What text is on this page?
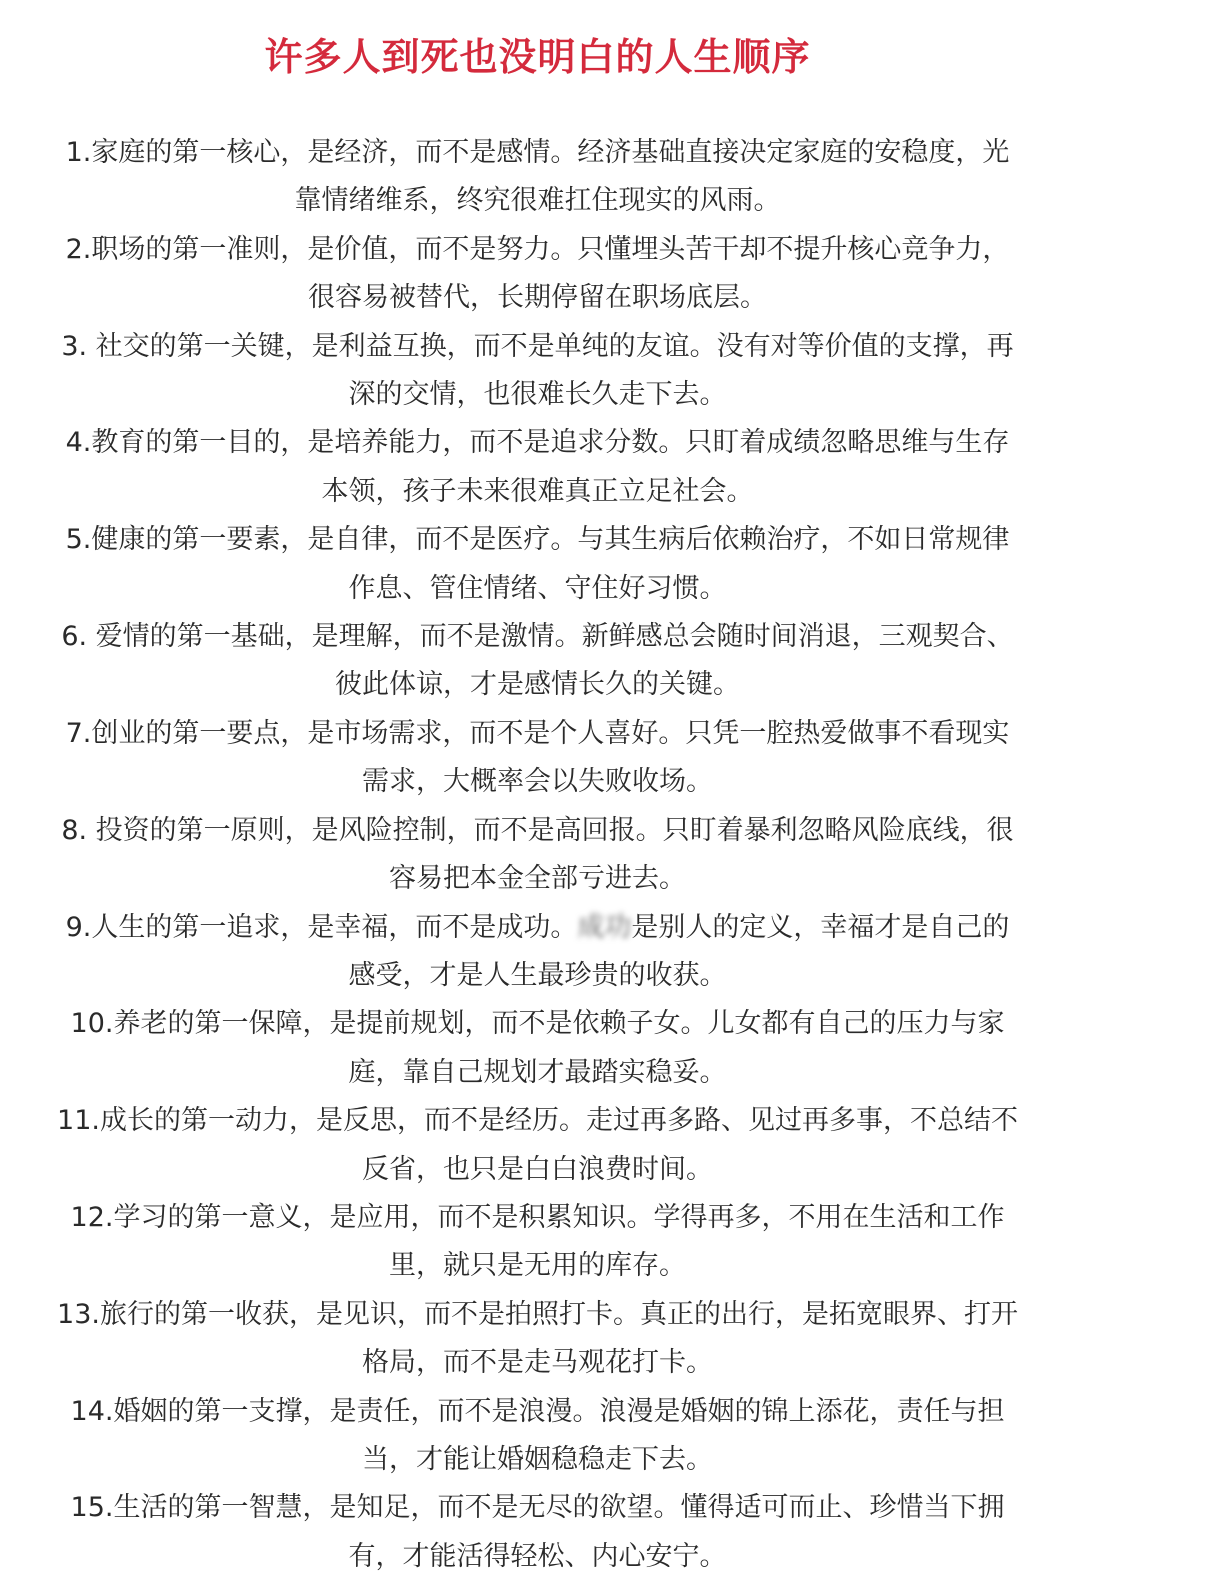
许多人到死也没明白的人生顺序
1.家庭的第一核心，是经济，而不是感情。经济基础直接决定家庭的安稳度，光
靠情绪维系，终究很难扛住现实的风雨。
2.职场的第一准则，是价值，而不是努力。只懂埋头苦干却不提升核心竞争力，
很容易被替代，长期停留在职场底层。
3. 社交的第一关键，是利益互换，而不是单纯的友谊。没有对等价值的支撑，再
深的交情，也很难长久走下去。
4.教育的第一目的，是培养能力，而不是追求分数。只盯着成绩忽略思维与生存
本领，孩子未来很难真正立足社会。
5.健康的第一要素，是自律，而不是医疗。与其生病后依赖治疗，不如日常规律
作息、管住情绪、守住好习惯。
6. 爱情的第一基础，是理解，而不是激情。新鲜感总会随时间消退，三观契合、
彼此体谅，才是感情长久的关键。
7.创业的第一要点，是市场需求，而不是个人喜好。只凭一腔热爱做事不看现实
需求，大概率会以失败收场。
8. 投资的第一原则，是风险控制，而不是高回报。只盯着暴利忽略风险底线，很
容易把本金全部亏进去。
9.人生的第一追求，是幸福，而不是成功。成功是别人的定义，幸福才是自己的
感受，才是人生最珍贵的收获。
10.养老的第一保障，是提前规划，而不是依赖子女。儿女都有自己的压力与家
庭，靠自己规划才最踏实稳妥。
11.成长的第一动力，是反思，而不是经历。走过再多路、见过再多事，不总结不
反省，也只是白白浪费时间。
12.学习的第一意义，是应用，而不是积累知识。学得再多，不用在生活和工作
里，就只是无用的库存。
13.旅行的第一收获，是见识，而不是拍照打卡。真正的出行，是拓宽眼界、打开
格局，而不是走马观花打卡。
14.婚姻的第一支撑，是责任，而不是浪漫。浪漫是婚姻的锦上添花，责任与担
当，才能让婚姻稳稳走下去。
15.生活的第一智慧，是知足，而不是无尽的欲望。懂得适可而止、珍惜当下拥
有，才能活得轻松、内心安宁。
